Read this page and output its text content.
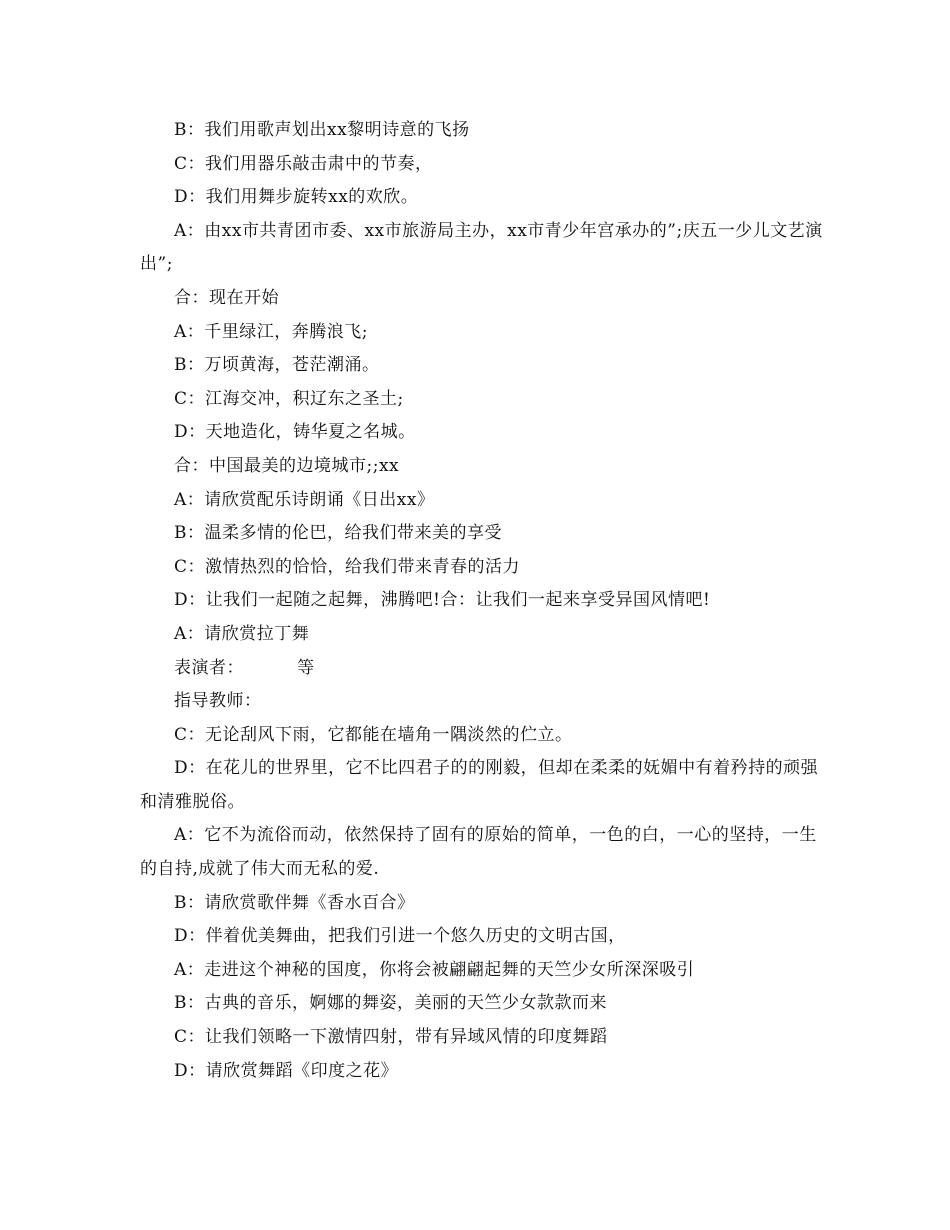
B：我们用歌声划出xx黎明诗意的飞扬

C：我们用器乐敲击肃中的节奏，

D：我们用舞步旋转xx的欢欣。

A：由xx市共青团市委、xx市旅游局主办，xx市青少年宫承办的”;庆五一少儿文艺演出”;

合：现在开始

A：千里绿江，奔腾浪飞;

B：万顷黄海，苍茫潮涌。

C：江海交冲，积辽东之圣土;

D：天地造化，铸华夏之名城。

合：中国最美的边境城市;;xx

A：请欣赏配乐诗朗诵《日出xx》

B：温柔多情的伦巴，给我们带来美的享受

C：激情热烈的恰恰，给我们带来青春的活力

D：让我们一起随之起舞，沸腾吧!合：让我们一起来享受异国风情吧!

A：请欣赏拉丁舞

表演者：         等

指导教师：

C：无论刮风下雨，它都能在墙角一隅淡然的伫立。

D：在花儿的世界里，它不比四君子的的刚毅，但却在柔柔的妩媚中有着矜持的顽强和清雅脱俗。

A：它不为流俗而动，依然保持了固有的原始的简单，一色的白，一心的坚持，一生的自持,成就了伟大而无私的爱.

B：请欣赏歌伴舞《香水百合》

D：伴着优美舞曲，把我们引进一个悠久历史的文明古国，

A：走进这个神秘的国度，你将会被翩翩起舞的天竺少女所深深吸引

B：古典的音乐，婀娜的舞姿，美丽的天竺少女款款而来

C：让我们领略一下激情四射，带有异域风情的印度舞蹈

D：请欣赏舞蹈《印度之花》
